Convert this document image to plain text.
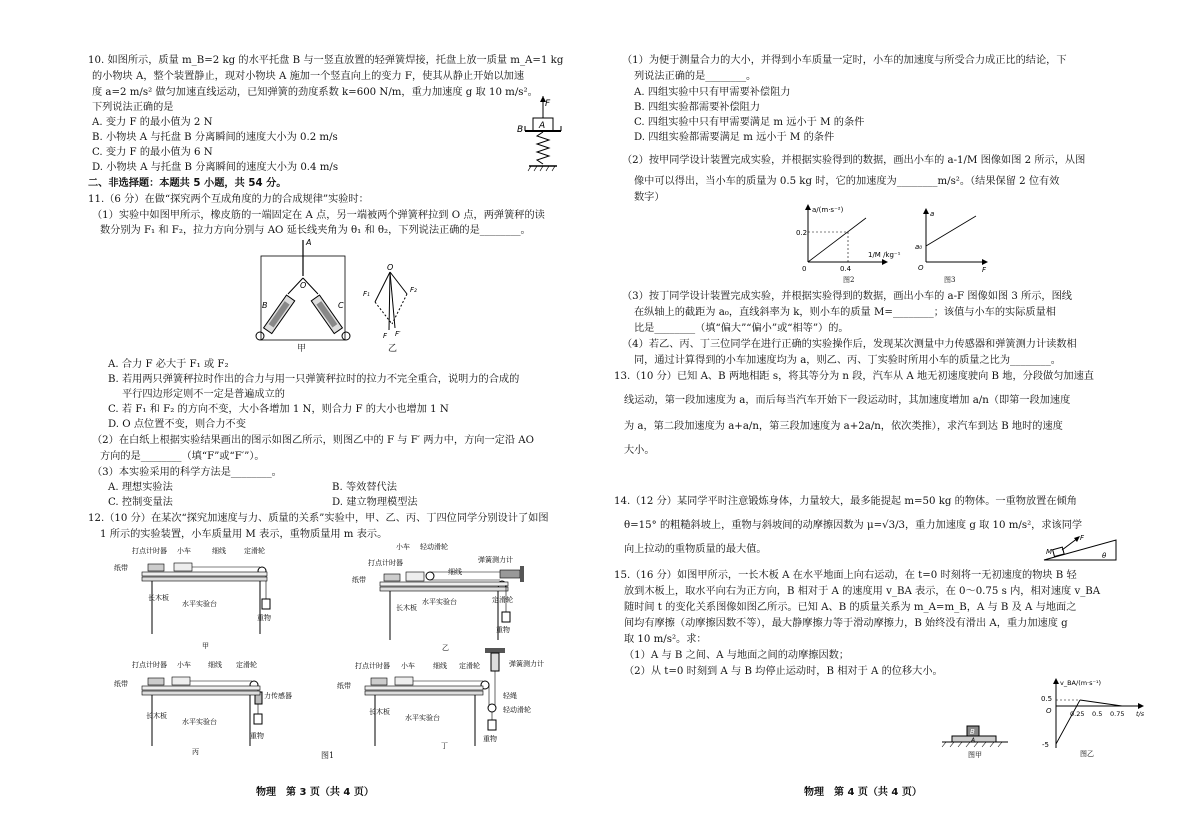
10. 如图所示，质量 m_B=2 kg 的水平托盘 B 与一竖直放置的轻弹簧焊接，托盘上放一质量 m_A=1 kg
的小物块 A，整个装置静止，现对小物块 A 施加一个竖直向上的变力 F，使其从静止开始以加速
度 a=2 m/s² 做匀加速直线运动，已知弹簧的劲度系数 k=600 N/m，重力加速度 g 取 10 m/s²。
下列说法正确的是
A. 变力 F 的最小值为 2 N
B. 小物块 A 与托盘 B 分离瞬间的速度大小为 0.2 m/s
C. 变力 F 的最小值为 6 N
D. 小物块 A 与托盘 B 分离瞬间的速度大小为 0.4 m/s
F
A
B
二、非选择题：本题共 5 小题，共 54 分。
11.（6 分）在做“探究两个互成角度的力的合成规律”实验时：
（1）实验中如图甲所示，橡皮筋的一端固定在 A 点，另一端被两个弹簧秤拉到 O 点，两弹簧秤的读
数分别为 F₁ 和 F₂，拉力方向分别与 AO 延长线夹角为 θ₁ 和 θ₂，下列说法正确的是________。
A
O
B	C
甲
O
F₁	F₂
F F′
乙
A. 合力 F 必大于 F₁ 或 F₂
B. 若用两只弹簧秤拉时作出的合力与用一只弹簧秤拉时的拉力不完全重合，说明力的合成的
平行四边形定则不一定是普遍成立的
C. 若 F₁ 和 F₂ 的方向不变，大小各增加 1 N，则合力 F 的大小也增加 1 N
D. O 点位置不变，则合力不变
（2）在白纸上根据实验结果画出的图示如图乙所示，则图乙中的 F 与 F′ 两力中，方向一定沿 AO
方向的是________（填“F”或“F′”）。
（3）本实验采用的科学方法是________。
A. 理想实验法	B. 等效替代法
C. 控制变量法	D. 建立物理模型法
12.（10 分）在某次“探究加速度与力、质量的关系”实验中，甲、乙、丙、丁四位同学分别设计了如图
1 所示的实验装置，小车质量用 M 表示，重物质量用 m 表示。
打点计时器 小车	细线	定滑轮
纸带
长木板
水平实验台
重物
甲
小车 轻动滑轮
弹簧测力计
打点计时器
细线
纸带
定滑轮
长木板
水平实验台
重物
乙
打点计时器 小车 细线 定滑轮
纸带
力传感器
长木板
水平实验台
重物
丙
弹簧测力计
打点计时器 小车	细线 定滑轮
纸带
轻绳
轻动滑轮
长木板
水平实验台
重物
丁
图1
物理　第 3 页（共 4 页）
（1）为便于测量合力的大小，并得到小车质量一定时，小车的加速度与所受合力成正比的结论，下
列说法正确的是________。
A. 四组实验中只有甲需要补偿阻力
B. 四组实验都需要补偿阻力
C. 四组实验中只有甲需要满足 m 远小于 M 的条件
D. 四组实验都需要满足 m 远小于 M 的条件
（2）按甲同学设计装置完成实验，并根据实验得到的数据，画出小车的 a-1/M 图像如图 2 所示，从图
像中可以得出，当小车的质量为 0.5 kg 时，它的加速度为________m/s²。（结果保留 2 位有效
数字）
a/(m·s⁻²)
0.2
0	0.4
1/M /kg⁻¹
图2
a
a₀
O	F
图3
（3）按丁同学设计装置完成实验，并根据实验得到的数据，画出小车的 a-F 图像如图 3 所示，图线
在纵轴上的截距为 a₀，直线斜率为 k，则小车的质量 M=________；该值与小车的实际质量相
比是________（填“偏大”“偏小”或“相等”）的。
（4）若乙、丙、丁三位同学在进行正确的实验操作后，发现某次测量中力传感器和弹簧测力计读数相
同，通过计算得到的小车加速度均为 a，则乙、丙、丁实验时所用小车的质量之比为________。
13.（10 分）已知 A、B 两地相距 s，将其等分为 n 段，汽车从 A 地无初速度驶向 B 地，分段做匀加速直
线运动，第一段加速度为 a，而后每当汽车开始下一段运动时，其加速度增加 a/n（即第一段加速度
为 a，第二段加速度为 a+a/n，第三段加速度为 a+2a/n，依次类推），求汽车到达 B 地时的速度
大小。
14.（12 分）某同学平时注意锻炼身体，力量较大，最多能提起 m=50 kg 的物体。一重物放置在倾角
θ=15° 的粗糙斜坡上，重物与斜坡间的动摩擦因数为 μ=√3/3，重力加速度 g 取 10 m/s²，求该同学
向上拉动的重物质量的最大值。
F
M	θ
15.（16 分）如图甲所示，一长木板 A 在水平地面上向右运动，在 t=0 时刻将一无初速度的物块 B 轻
放到木板上，取水平向右为正方向，B 相对于 A 的速度用 v_BA 表示，在 0～0.75 s 内，相对速度 v_BA
随时间 t 的变化关系图像如图乙所示。已知 A、B 的质量关系为 m_A=m_B，A 与 B 及 A 与地面之
间均有摩擦（动摩擦因数不等），最大静摩擦力等于滑动摩擦力，B 始终没有滑出 A，重力加速度 g
取 10 m/s²。求：
（1）A 与 B 之间、A 与地面之间的动摩擦因数；
（2）从 t=0 时刻到 A 与 B 均停止运动时，B 相对于 A 的位移大小。
B
A
图甲
v_BA/(m·s⁻¹)
0.5
O	0.25 0.5 0.75 t/s
-5
图乙
物理　第 4 页（共 4 页）
